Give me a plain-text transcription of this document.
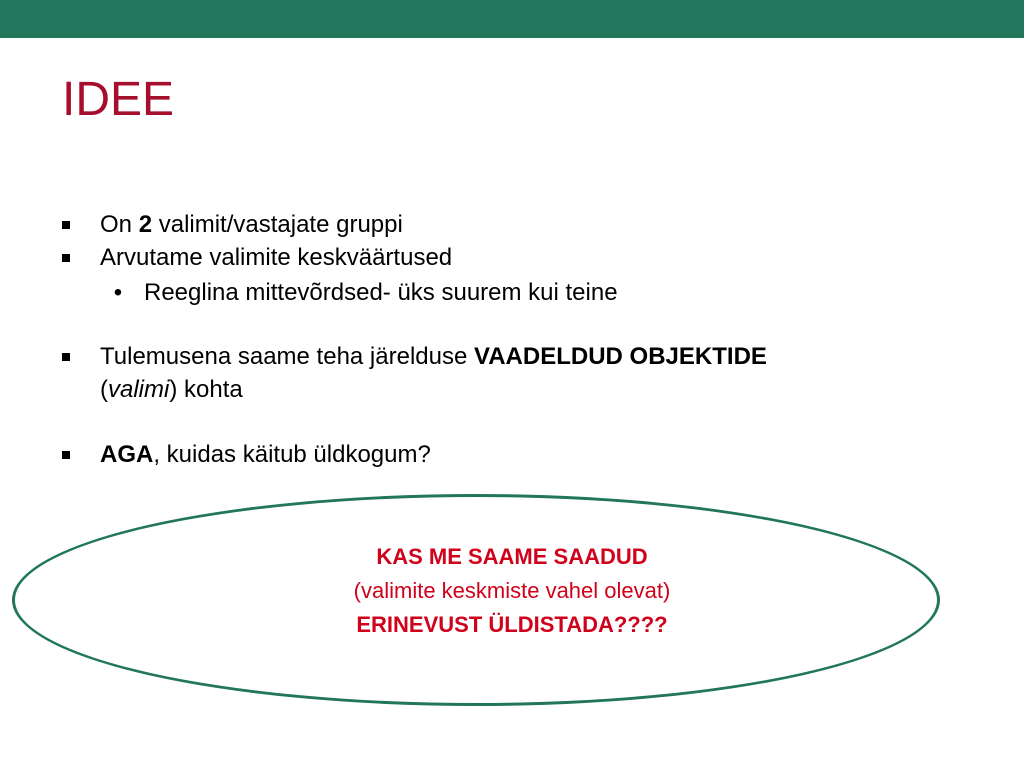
IDEE
On 2 valimit/vastajate gruppi
Arvutame valimite keskväärtused
• Reeglina mittevõrdsed- üks suurem kui teine
Tulemusena saame teha järelduse VAADELDUD OBJEKTIDE
(valimi) kohta
AGA, kuidas käitub üldkogum?
KAS ME SAAME SAADUD
(valimite keskmiste vahel olevat)
ERINEVUST ÜLDISTADA????
